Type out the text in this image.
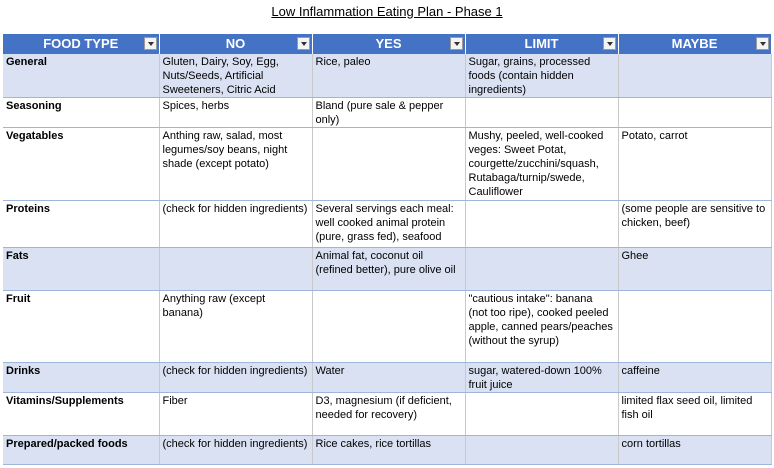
Low Inflammation Eating Plan - Phase 1
FOOD TYPE	NO	YES	LIMIT	MAYBE

General	Gluten, Dairy, Soy, Egg, Nuts/Seeds, Artificial Sweeteners, Citric Acid	Rice, paleo	Sugar, grains, processed foods (contain hidden ingredients)	
Seasoning	Spices, herbs	Bland (pure sale & pepper only)		
Vegatables	Anthing raw, salad, most legumes/soy beans, night shade (except potato)		Mushy, peeled, well-cooked veges: Sweet Potat, courgette/zucchini/squash, Rutabaga/turnip/swede, Cauliflower	Potato, carrot
Proteins	(check for hidden ingredients)	Several servings each meal: well cooked animal protein (pure, grass fed), seafood		(some people are sensitive to chicken, beef)
Fats		Animal fat, coconut oil (refined better), pure olive oil		Ghee
Fruit	Anything raw (except banana)		"cautious intake": banana (not too ripe), cooked peeled apple, canned pears/peaches (without the syrup)	
Drinks	(check for hidden ingredients)	Water	sugar, watered-down 100% fruit juice	caffeine
Vitamins/Supplements	Fiber	D3, magnesium (if deficient, needed for recovery)		limited flax seed oil, limited fish oil
Prepared/packed foods	(check for hidden ingredients)	Rice cakes, rice tortillas		corn tortillas
